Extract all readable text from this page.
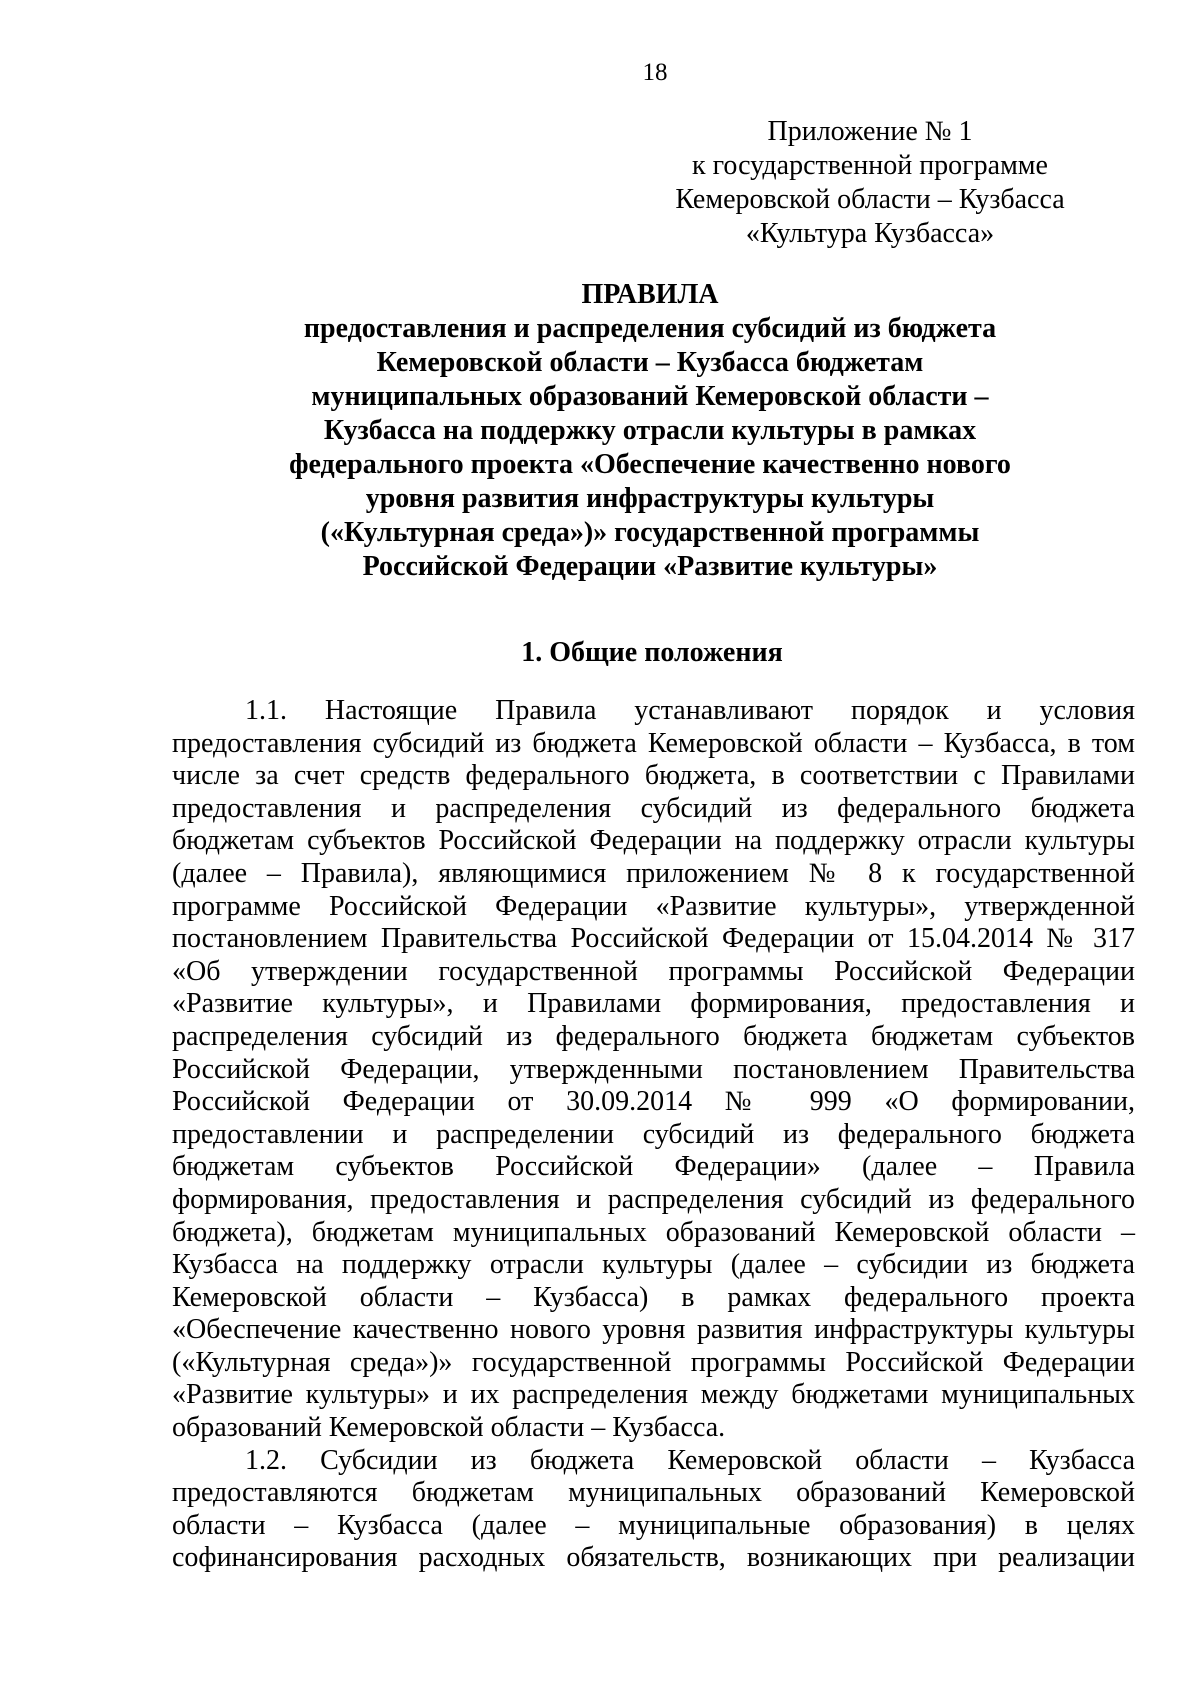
18
Приложение № 1
к государственной программе
Кемеровской области – Кузбасса
«Культура Кузбасса»
ПРАВИЛА
предоставления и распределения субсидий из бюджета
Кемеровской области – Кузбасса бюджетам
муниципальных образований Кемеровской области –
Кузбасса на поддержку отрасли культуры в рамках
федерального проекта «Обеспечение качественно нового
уровня развития инфраструктуры культуры
(«Культурная среда»)» государственной программы
Российской Федерации «Развитие культуры»
1. Общие положения

1.1. Настоящие Правила устанавливают порядок и условия

предоставления субсидий из бюджета Кемеровской области – Кузбасса, в том

числе за счет средств федерального бюджета, в соответствии с Правилами

предоставления и распределения субсидий из федерального бюджета

бюджетам субъектов Российской Федерации на поддержку отрасли культуры

(далее – Правила), являющимися приложением № 8 к государственной

программе Российской Федерации «Развитие культуры», утвержденной

постановлением Правительства Российской Федерации от 15.04.2014 № 317

«Об утверждении государственной программы Российской Федерации

«Развитие культуры», и Правилами формирования, предоставления и

распределения субсидий из федерального бюджета бюджетам субъектов

Российской Федерации, утвержденными постановлением Правительства

Российской Федерации от 30.09.2014 № 999 «О формировании,

предоставлении и распределении субсидий из федерального бюджета

бюджетам субъектов Российской Федерации» (далее – Правила

формирования, предоставления и распределения субсидий из федерального

бюджета), бюджетам муниципальных образований Кемеровской области –

Кузбасса на поддержку отрасли культуры (далее – субсидии из бюджета

Кемеровской области – Кузбасса) в рамках федерального проекта

«Обеспечение качественно нового уровня развития инфраструктуры культуры

(«Культурная среда»)» государственной программы Российской Федерации

«Развитие культуры» и их распределения между бюджетами муниципальных

образований Кемеровской области – Кузбасса.

1.2. Субсидии из бюджета Кемеровской области – Кузбасса

предоставляются бюджетам муниципальных образований Кемеровской

области – Кузбасса (далее – муниципальные образования) в целях

софинансирования расходных обязательств, возникающих при реализации
